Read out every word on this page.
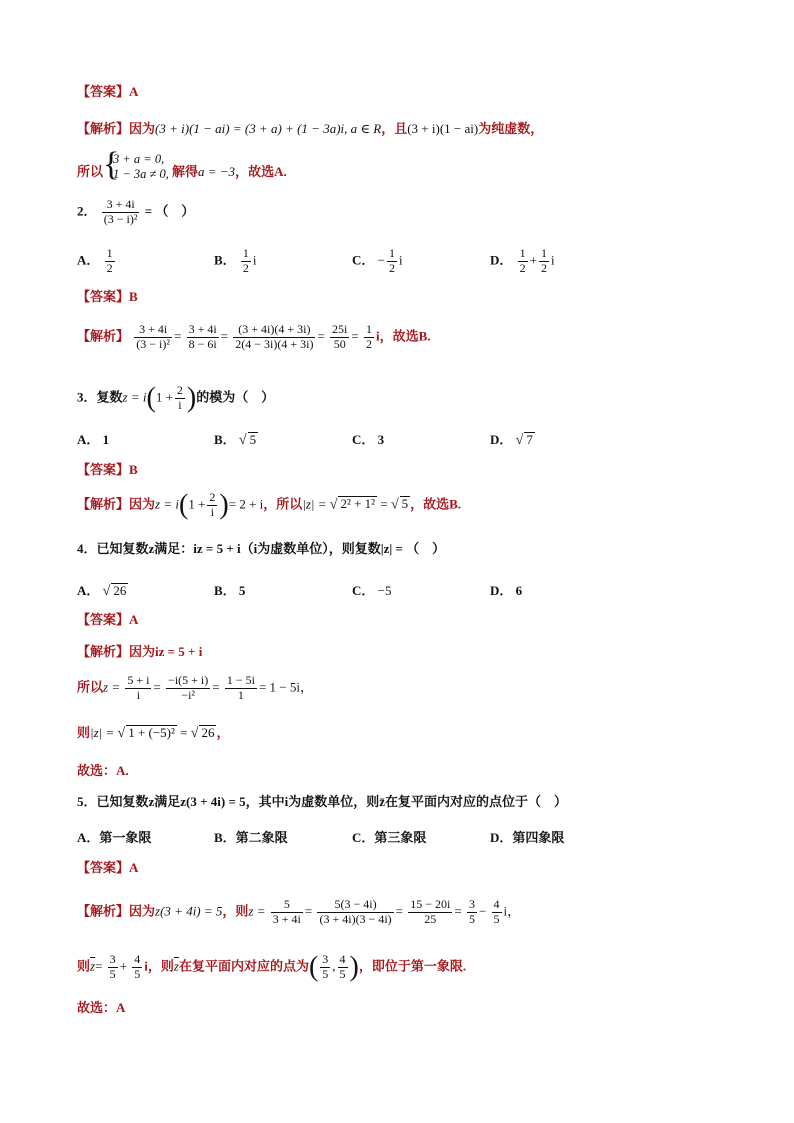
【答案】A
【解析】因为(3 + i)(1 − ai) = (3 + a) + (1 − 3a)i, a ∈ R，且(3 + i)(1 − ai)为纯虚数，
所以 {
3 + a = 0,
1 − 3a ≠ 0, 解得a = −3，故选A.
2． $\frac{3 + 4i}{\text{(3 − i)²}}$ = （　）
A． $\frac{1}{2}$	B． $\frac{1}{2}$ i	C． − $\frac{1}{2}$ i	D． $\frac{1}{2} + \frac{1}{2}$ i
【答案】B
【解析】 $\frac{3 + 4i}{\text{(3 − i)²}} = \frac{3 + 4i}{8 - 6i} = \frac{(3 + 4i)(4 + 3i)}{2(4 - 3i)(4 + 3i)} = \frac{25i}{50} = \frac{1}{2}$ i，故选B.
3．复数$z = i(1 + \frac{2}{i}$ )的模为（　）
A． 1	B． √ 5	C． 3	D． √ 7
【答案】B
【解析】因为$z = i(1 + \frac{2}{i}$ )= 2 + i，所以|z| = √ 2² + 1² = √ 5 ，故选B.
4．已知复数z满足：iz = 5 + i（i为虚数单位），则复数|z| = （　）
A． √ 26	B． 5	C． −5	D． 6
【答案】A
【解析】因为iz = 5 + i
所以$z = \frac{5 + i}{i} = \frac{-i(5 + i)}{\text{−i²}} = \frac{1 - 5i}{1} = 1 - 5i$，
则|z| = √ 1 + (−5)² = √ 26 ，
故选：A.
5．已知复数z满足z(3 + 4i) = 5，其中i为虚数单位，则z̄在复平面内对应的点位于（　）
A．第一象限	B．第二象限	C．第三象限	D．第四象限
【答案】A
【解析】因为z(3 + 4i) = 5，则$z = \frac{5}{3 + 4i} = \frac{5(3 - 4i)}{(3 + 4i)(3 - 4i)} = \frac{15 - 20i}{25} = \frac{3}{5} - \frac{4}{5}$ i，
则$\overline{z}= \frac{3}{5} + \frac{4}{5}$ i，则$\overline{z}$在复平面内对应的点为( $\frac{3}{5}$ , $\frac{4}{5}$ )，即位于第一象限.
故选：A
